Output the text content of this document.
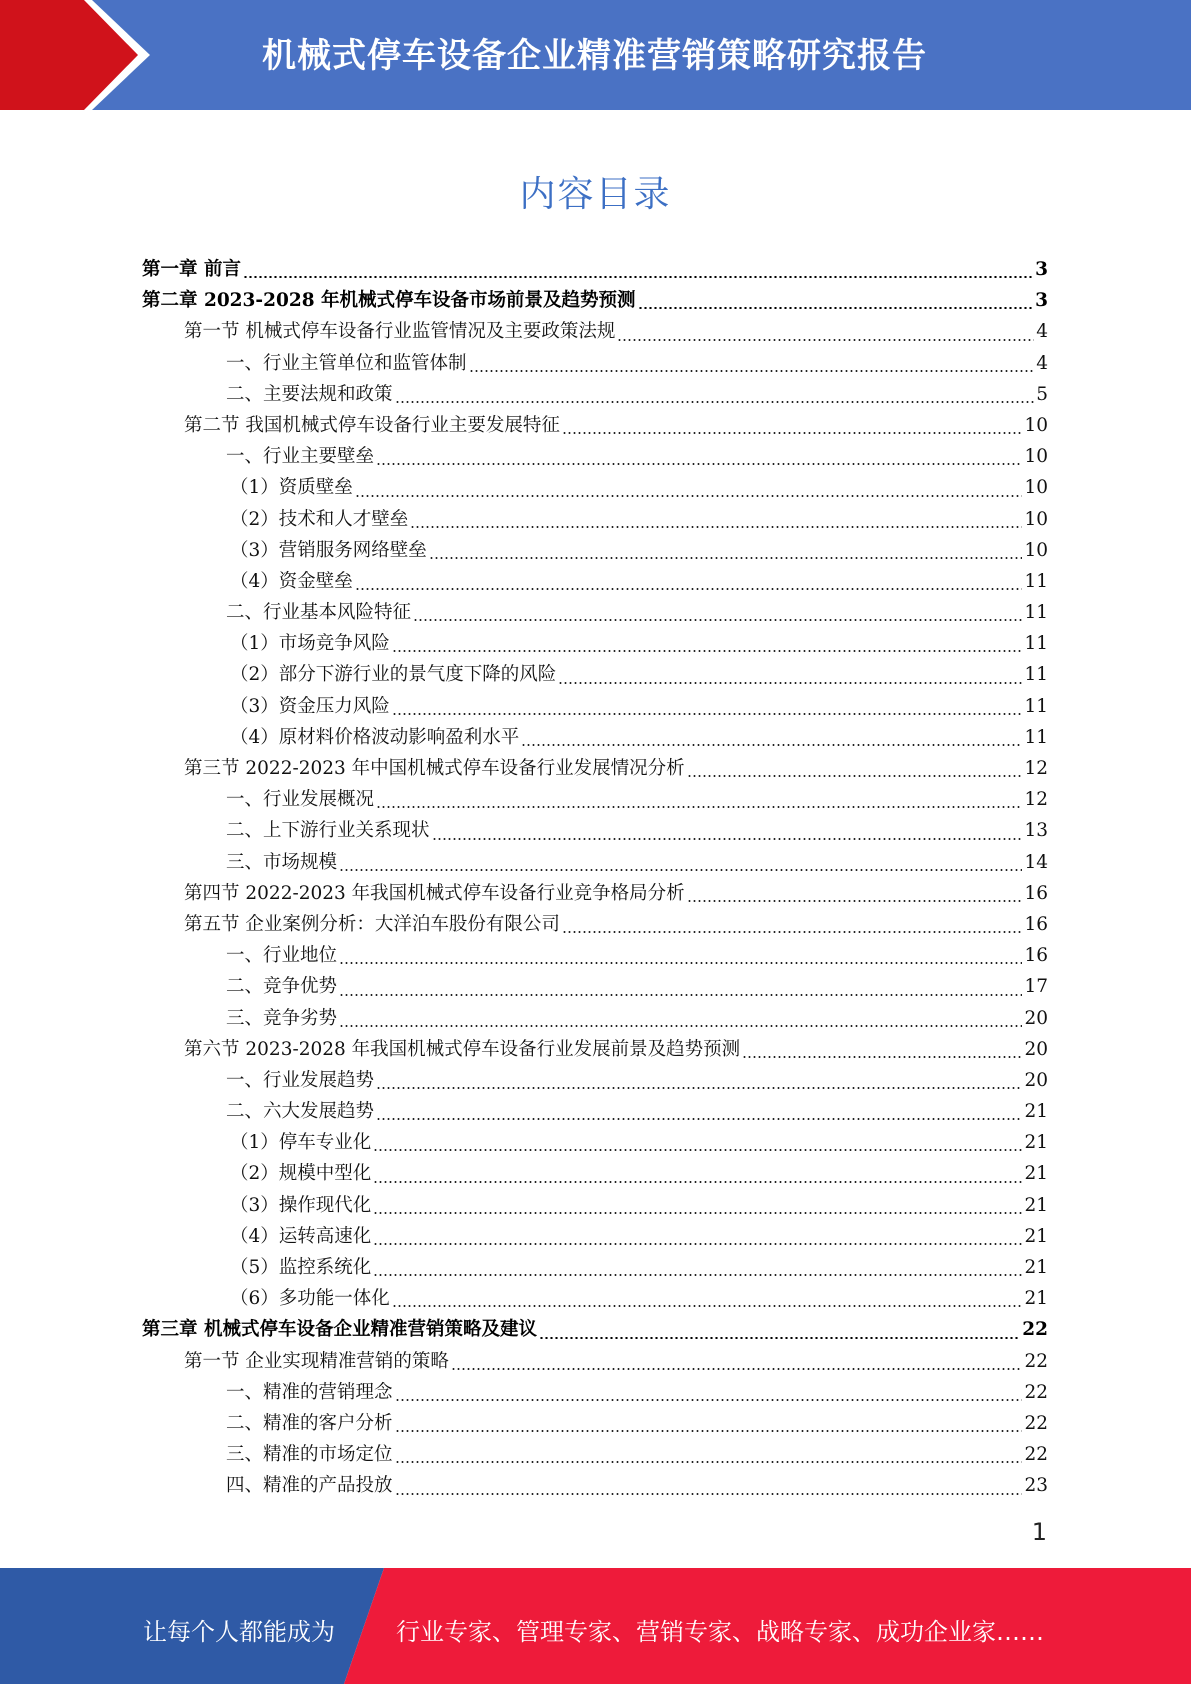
机械式停车设备企业精准营销策略研究报告
内容目录
第一章 前言	3
第二章 2023-2028 年机械式停车设备市场前景及趋势预测	3
第一节 机械式停车设备行业监管情况及主要政策法规	4
一、行业主管单位和监管体制	4
二、主要法规和政策	5
第二节 我国机械式停车设备行业主要发展特征	10
一、行业主要壁垒	10
（1）资质壁垒	10
（2）技术和人才壁垒	10
（3）营销服务网络壁垒	10
（4）资金壁垒	11
二、行业基本风险特征	11
（1）市场竞争风险	11
（2）部分下游行业的景气度下降的风险	11
（3）资金压力风险	11
（4）原材料价格波动影响盈利水平	11
第三节 2022-2023 年中国机械式停车设备行业发展情况分析	12
一、行业发展概况	12
二、上下游行业关系现状	13
三、市场规模	14
第四节 2022-2023 年我国机械式停车设备行业竞争格局分析	16
第五节 企业案例分析：大洋泊车股份有限公司	16
一、行业地位	16
二、竞争优势	17
三、竞争劣势	20
第六节 2023-2028 年我国机械式停车设备行业发展前景及趋势预测	20
一、行业发展趋势	20
二、六大发展趋势	21
（1）停车专业化	21
（2）规模中型化	21
（3）操作现代化	21
（4）运转高速化	21
（5）监控系统化	21
（6）多功能一体化	21
第三章 机械式停车设备企业精准营销策略及建议	22
第一节 企业实现精准营销的策略	22
一、精准的营销理念	22
二、精准的客户分析	22
三、精准的市场定位	22
四、精准的产品投放	23
1
让每个人都能成为	行业专家、管理专家、营销专家、战略专家、成功企业家……
